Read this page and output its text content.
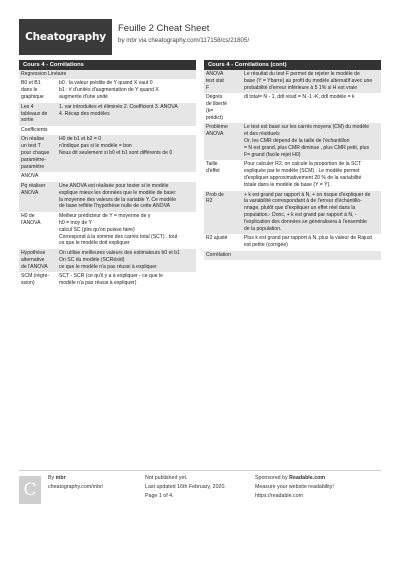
Cheatography
Feuille 2 Cheat Sheet
by mbr via cheatography.com/117158/cs/21805/
Cours 4 - Corrélations
Regression Linéaire
B0 et B1
dans le
graphique
b0 : la valeur prédite de Y quand X vaut 0
b1 : # d'unités d'augmentation de Y quand X
augmente d'une unité
Les 4
tableaux de
sortie
1. var introduites et éliminés 2. Coefficient 3. ANOVA
4. Récap des modèles
Coefficients
On réalise
un test T
pour chaque
paramètre-
paramètre
H0 de b1 et b2 = 0
n'indique pas si le modèle = bon
Nous dit seulement si b0 et b1 sont différents de 0
ANOVA
Pq réaliser
ANOVA
Une ANOVA est réalisée pour tester si le modèle
explique mieux les données que le modèle de base:
la moyenne des valeurs de la variable Y. Ce modèle
de base reflète l'hypothèse nulle de cette ANOVA
H0 de
l'ANOVA
Meilleur prédicteur de Y = moyenne de y
h0 = moy de Y
calcul SC (plrs qu'on puisse faire)
Correspond à la somme des carrés total (SCT) . tout
ce que le modèle doit expliquer
Hypothèse
alternative
de l'ANOVA
On utilise meilleures valeurs des estimateurs b0 et b1
On SC du modèle (SCRésid)
ce que le modèle n'a pas réussi à expliquer
SCM (régre-
ssion)
SCT - SCR (ce qu'il y a à expliquer - ce que le
modèle n'a pas réussi à expliquer)
Cours 4 - Corrélations (cont)
ANOVA
test stat
F
Le résultat du test F permet de rejeter le modèle de
base (Y = Ybarre) au profit du modèle alternatif avec une
probabilité d'erreur inférieure à 5 1% si H est vraie
Degrés
de liberté
(k=
prédict)
dl total= N - 1, ddl résid = N -1 -K, ddl modèle = k
Problème
ANOVA
Le test est basé sur les carrés moyens (CM) du modèle
et des résiduels
Or, les CMR dépend de la taille de l'échantillon
= N est grand, plus CMR diminue , plus CMR petit, plus
F= grand (facile rejet H0)
Taille
d'effet
Pour calculer R2, on calcule la proportion de la SCT
expliquée par le modèle (SCM) . Le modèle permet
d'expliquer approximativement 20 % de la variabilité
totale dans le modèle de base (Y = Ȳ).
Prob de
R2
+ k est grand par rapport à N, + on risque d'expliquer de
la variabilité correspondant à de l'erreur d'échantillo-
nnage, plutôt que d'expliquer un effet réel dans la
population.- Donc, + k est grand par rapport à N, -
l'explication des données se généralisera à l'ensemble
de la population.
R2 ajusté	Plus k est grand par rapport à N, plus la valeur de Rajust
est petite (corrigée)
Corrélation
C
By mbr
cheatography.com/mbr/
Not published yet.
Last updated 16th February, 2020.
Page 1 of 4.
Sponsored by Readable.com
Measure your website readability!
https://readable.com
